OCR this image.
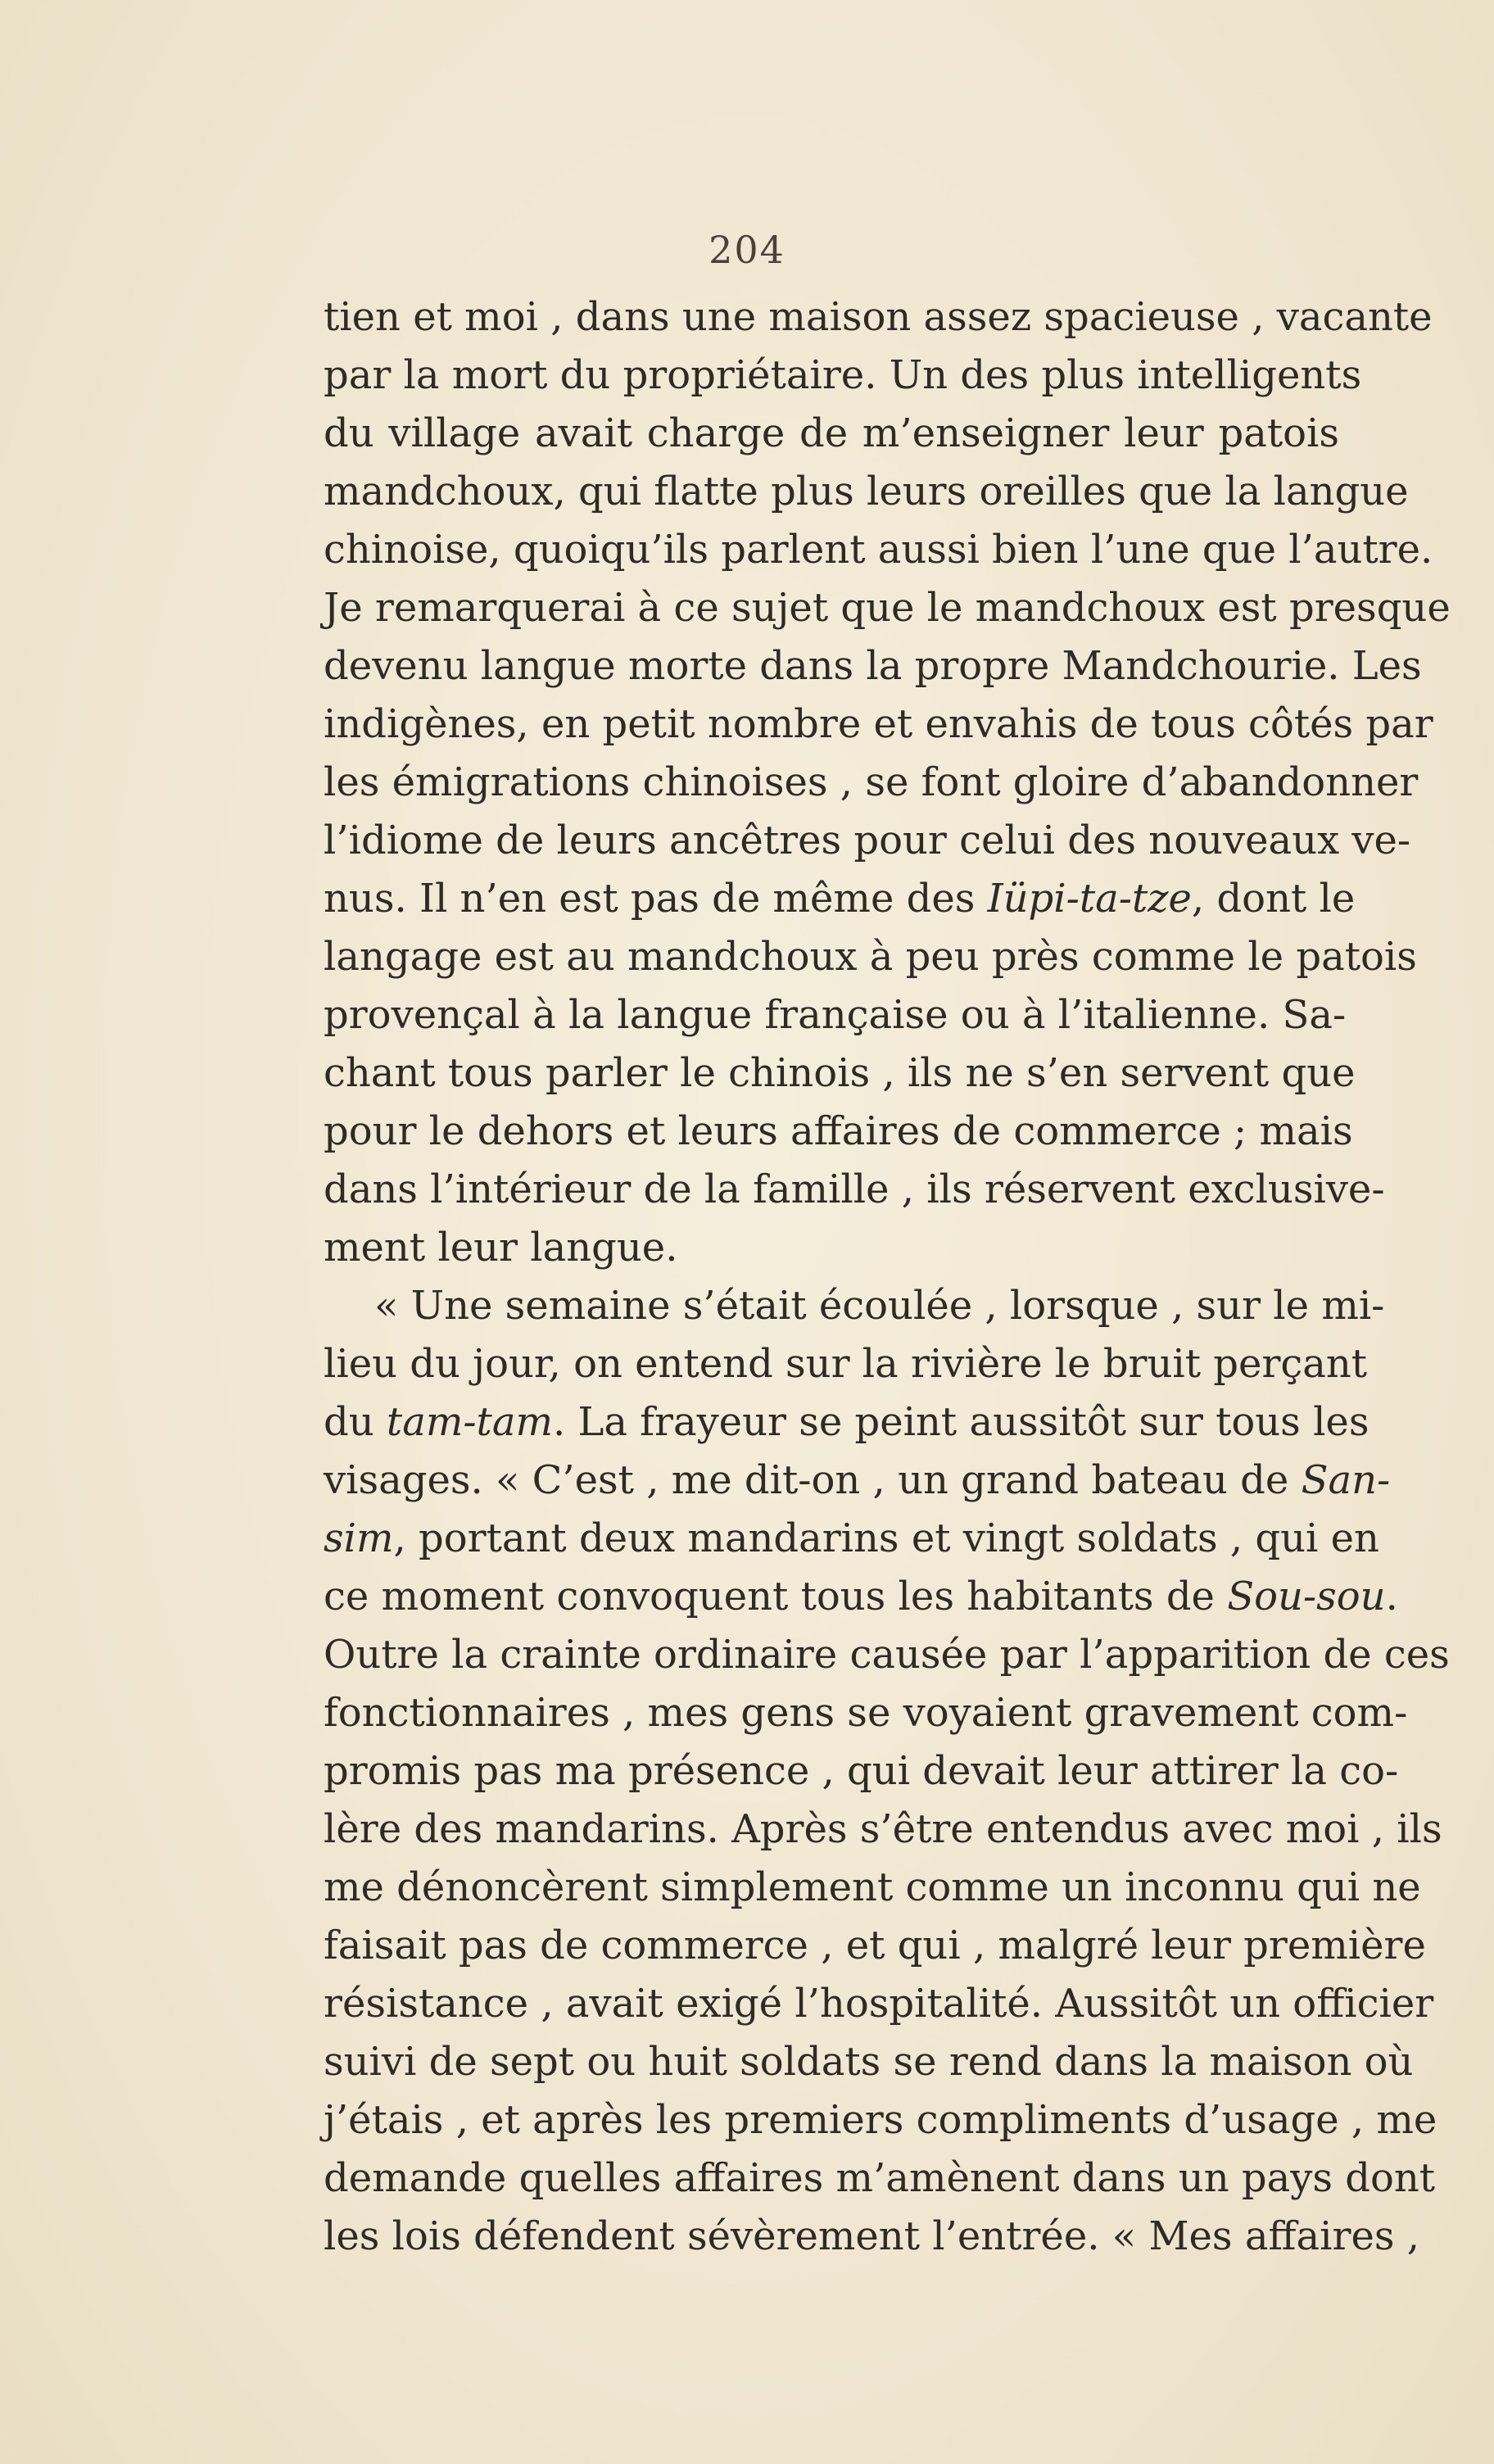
204
tien et moi , dans une maison assez spacieuse , vacante
par la mort du propriétaire. Un des plus intelligents
du village avait charge de m’enseigner leur patois
mandchoux, qui flatte plus leurs oreilles que la langue
chinoise, quoiqu’ils parlent aussi bien l’une que l’autre.
Je remarquerai à ce sujet que le mandchoux est presque
devenu langue morte dans la propre Mandchourie. Les
indigènes, en petit nombre et envahis de tous côtés par
les émigrations chinoises , se font gloire d’abandonner
l’idiome de leurs ancêtres pour celui des nouveaux ve-
nus. Il n’en est pas de même des Iüpi-ta-tze, dont le
langage est au mandchoux à peu près comme le patois
provençal à la langue française ou à l’italienne. Sa-
chant tous parler le chinois , ils ne s’en servent que
pour le dehors et leurs affaires de commerce ; mais
dans l’intérieur de la famille , ils réservent exclusive-
ment leur langue.
« Une semaine s’était écoulée , lorsque , sur le mi-
lieu du jour, on entend sur la rivière le bruit perçant
du tam-tam. La frayeur se peint aussitôt sur tous les
visages. « C’est , me dit-on , un grand bateau de San-
sim, portant deux mandarins et vingt soldats , qui en
ce moment convoquent tous les habitants de Sou-sou.
Outre la crainte ordinaire causée par l’apparition de ces
fonctionnaires , mes gens se voyaient gravement com-
promis pas ma présence , qui devait leur attirer la co-
lère des mandarins. Après s’être entendus avec moi , ils
me dénoncèrent simplement comme un inconnu qui ne
faisait pas de commerce , et qui , malgré leur première
résistance , avait exigé l’hospitalité. Aussitôt un officier
suivi de sept ou huit soldats se rend dans la maison où
j’étais , et après les premiers compliments d’usage , me
demande quelles affaires m’amènent dans un pays dont
les lois défendent sévèrement l’entrée. « Mes affaires ,
